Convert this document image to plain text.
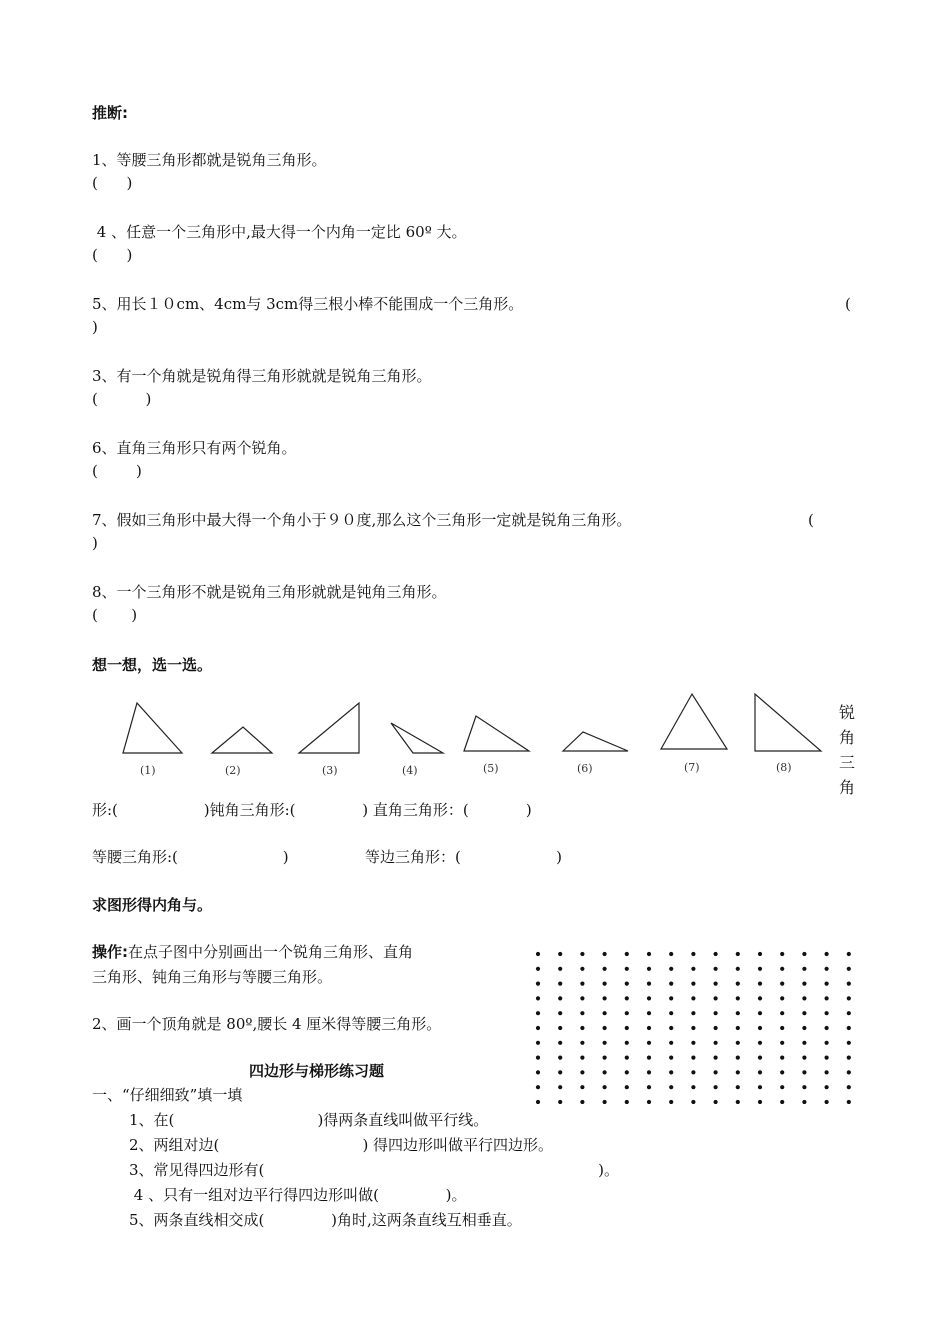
推断:
1、等腰三角形都就是锐角三角形。
(      )
4 、任意一个三角形中,最大得一个内角一定比 60º 大。
(      )
5、用长１０cm、4cm与 3cm得三根小棒不能围成一个三角形。	(
)
3、有一个角就是锐角得三角形就就是锐角三角形。
(          )
6、直角三角形只有两个锐角。
(        )
7、假如三角形中最大得一个角小于９０度,那么这个三角形一定就是锐角三角形。	(
)
8、一个三角形不就是锐角三角形就就是钝角三角形。
(       )
想一想，选一选。
(1)	(2)	(3)	(4)	(5)	(6)	(7)	(8)
锐
角
三
角
形:(                  )钝角三角形:(              ) 直角三角形：(            )
等腰三角形:(                      )                等边三角形：(                    )
求图形得内角与。
操作:在点子图中分别画出一个锐角三角形、直角
三角形、钝角三角形与等腰三角形。
2、画一个顶角就是 80º,腰长 4 厘米得等腰三角形。
四边形与梯形练习题
一、“仔细细致”填一填
1、在(                              )得两条直线叫做平行线。
2、两组对边(                              ) 得四边形叫做平行四边形。
3、常见得四边形有(                                                                      )。
4 、只有一组对边平行得四边形叫做(              )。
5、两条直线相交成(              )角时,这两条直线互相垂直。
